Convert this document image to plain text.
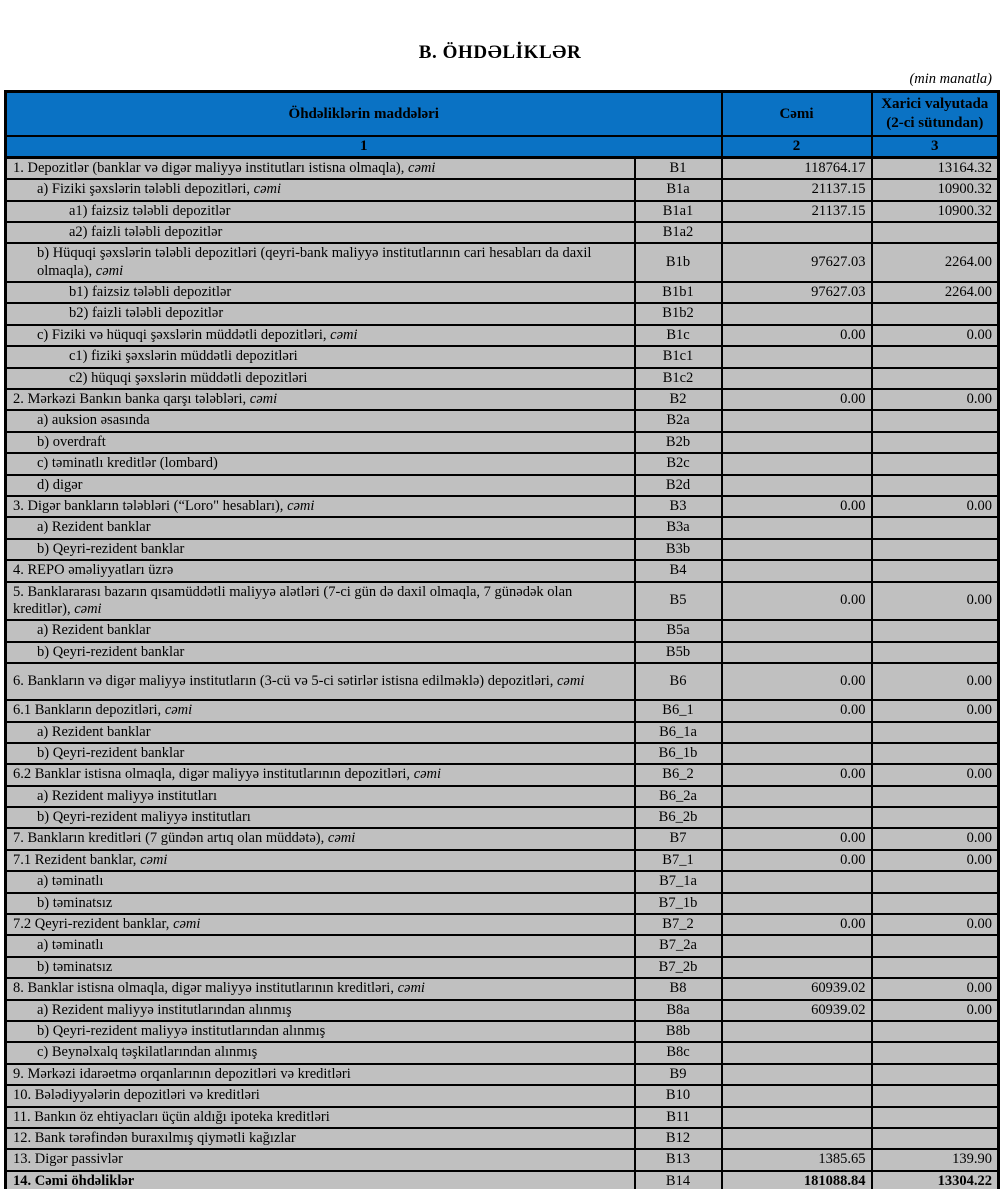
B. ÖHDƏLİKLƏR
(min manatla)
Öhdəliklərin maddələri		Cəmi	Xarici valyutada (2-ci sütundan)
1		2	3
1. Depozitlər (banklar və digər maliyyə institutları istisna olmaqla), cəmi	B1	118764.17	13164.32
a) Fiziki şəxslərin tələbli depozitləri, cəmi	B1a	21137.15	10900.32
a1) faizsiz tələbli depozitlər	B1a1	21137.15	10900.32
a2) faizli tələbli depozitlər	B1a2		
b) Hüquqi şəxslərin tələbli depozitləri (qeyri-bank maliyyə institutlarının cari hesabları da daxil olmaqla), cəmi	B1b	97627.03	2264.00
b1) faizsiz tələbli depozitlər	B1b1	97627.03	2264.00
b2) faizli tələbli depozitlər	B1b2		
c) Fiziki və hüquqi şəxslərin müddətli depozitləri, cəmi	B1c	0.00	0.00
c1) fiziki şəxslərin müddətli depozitləri	B1c1		
c2) hüquqi şəxslərin müddətli depozitləri	B1c2		
2. Mərkəzi Bankın banka qarşı tələbləri, cəmi	B2	0.00	0.00
a) auksion əsasında	B2a		
b) overdraft	B2b		
c) təminatlı kreditlər (lombard)	B2c		
d) digər	B2d		
3. Digər bankların tələbləri (“Loro" hesabları), cəmi	B3	0.00	0.00
a) Rezident banklar	B3a		
b) Qeyri-rezident banklar	B3b		
4. REPO əməliyyatları üzrə	B4		
5. Banklararası bazarın qısamüddətli maliyyə alətləri (7-ci gün də daxil olmaqla, 7 günədək olan kreditlər), cəmi	B5	0.00	0.00
a) Rezident banklar	B5a		
b) Qeyri-rezident banklar	B5b		
6. Bankların və digər maliyyə institutların (3-cü və 5-ci sətirlər istisna edilməklə) depozitləri, cəmi	B6	0.00	0.00
6.1 Bankların depozitləri, cəmi	B6_1	0.00	0.00
a) Rezident banklar	B6_1a		
b) Qeyri-rezident banklar	B6_1b		
6.2 Banklar istisna olmaqla, digər maliyyə institutlarının depozitləri, cəmi	B6_2	0.00	0.00
a) Rezident maliyyə institutları	B6_2a		
b) Qeyri-rezident maliyyə institutları	B6_2b		
7. Bankların kreditləri (7 gündən artıq olan müddətə), cəmi	B7	0.00	0.00
7.1 Rezident banklar, cəmi	B7_1	0.00	0.00
a) təminatlı	B7_1a		
b) təminatsız	B7_1b		
7.2 Qeyri-rezident banklar, cəmi	B7_2	0.00	0.00
a) təminatlı	B7_2a		
b) təminatsız	B7_2b		
8. Banklar istisna olmaqla, digər maliyyə institutlarının kreditləri, cəmi	B8	60939.02	0.00
a) Rezident maliyyə institutlarından alınmış	B8a	60939.02	0.00
b) Qeyri-rezident maliyyə institutlarından alınmış	B8b		
c) Beynəlxalq təşkilatlarından alınmış	B8c		
9. Mərkəzi idarəetmə orqanlarının depozitləri və kreditləri	B9		
10. Bələdiyyələrin depozitləri və kreditləri	B10		
11. Bankın öz ehtiyacları üçün aldığı ipoteka kreditləri	B11		
12. Bank tərəfindən buraxılmış qiymətli kağızlar	B12		
13. Digər passivlər	B13	1385.65	139.90
14. Cəmi öhdəliklər	B14	181088.84	13304.22
